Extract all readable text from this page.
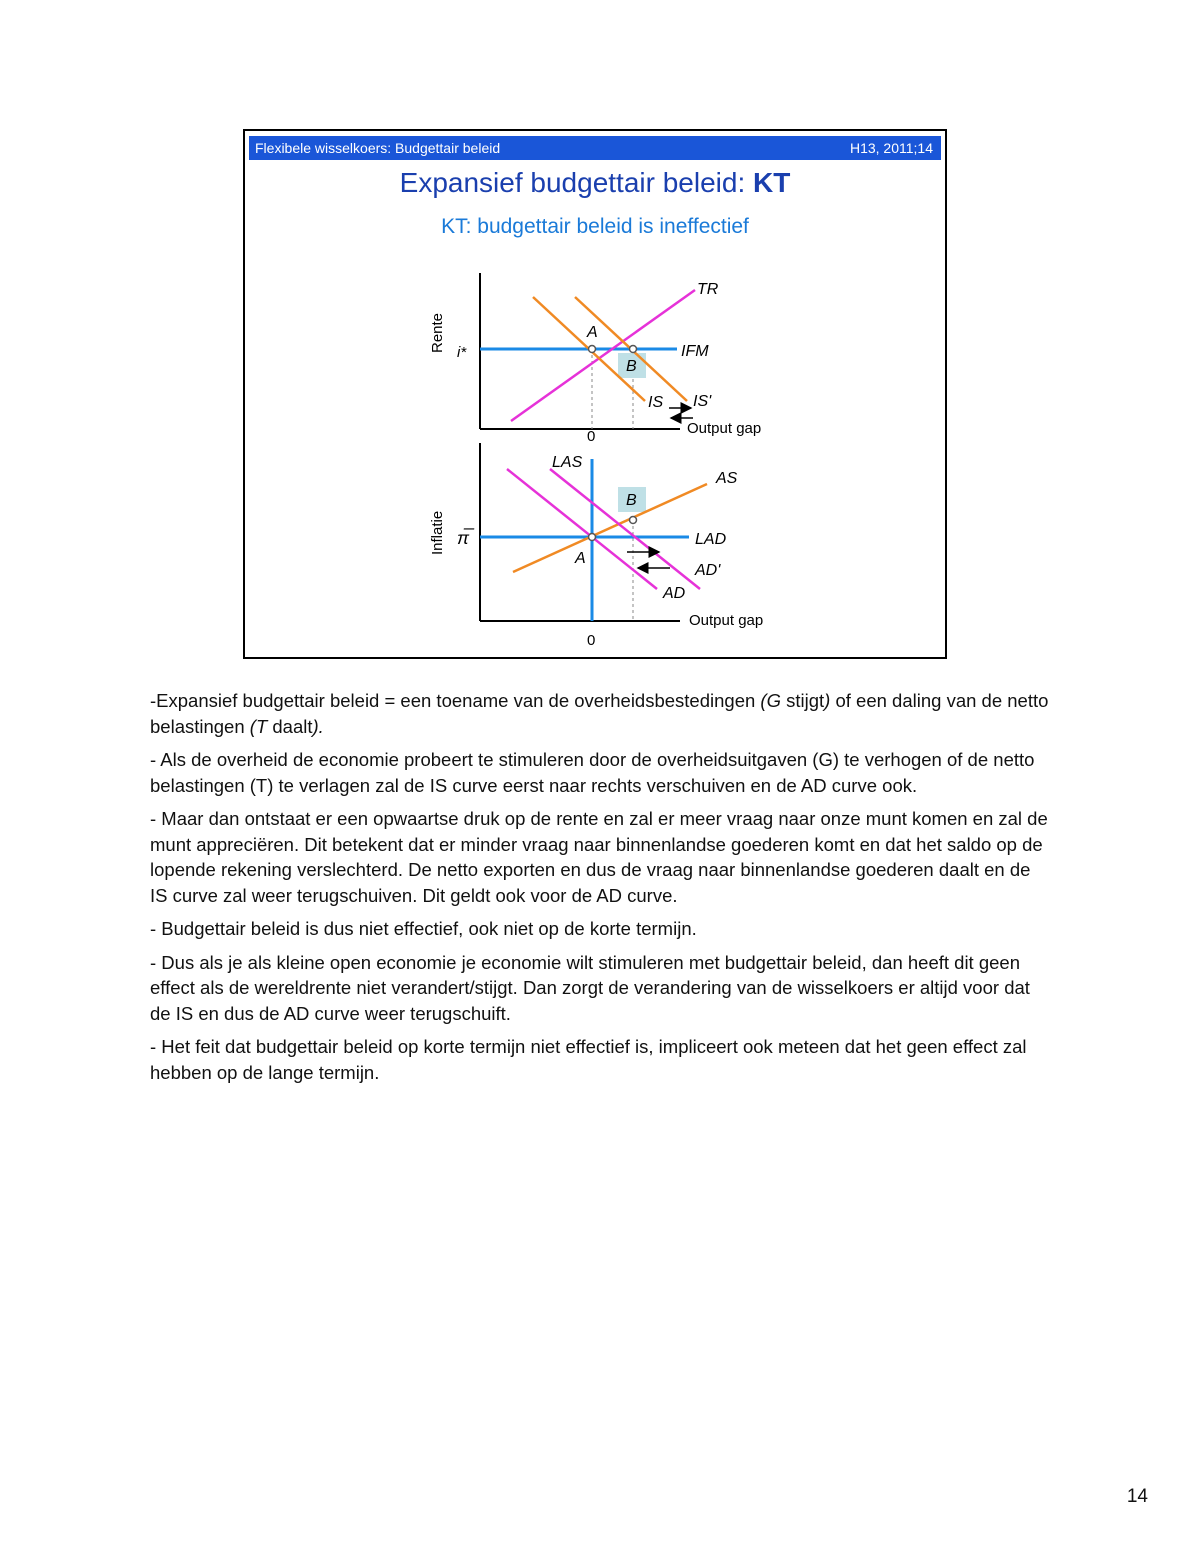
Flexibele wisselkoers: Budgettair beleid	H13, 2011;14
Expansief budgettair beleid: KT
KT: budgettair beleid is ineffectief
Rente i*
0	Output gap
TR
IFM
IS IS'
A
B
Inflatie π̅
0
Output gap
LAS
AS
LAD
AD'
AD
A
B

-Expansief budgettair beleid = een toename van de overheidsbestedingen (G stijgt) of een daling van de netto belastingen (T daalt).

- Als de overheid de economie probeert te stimuleren door de overheidsuitgaven (G) te verhogen of de netto belastingen (T) te verlagen zal de IS curve eerst naar rechts verschuiven en de AD curve ook.

- Maar dan ontstaat er een opwaartse druk op de rente en zal er meer vraag naar onze munt komen en zal de munt appreciëren. Dit betekent dat er minder vraag naar binnenlandse goederen komt en dat het saldo op de lopende rekening verslechterd. De netto exporten en dus de vraag naar binnenlandse goederen daalt en de IS curve zal weer terugschuiven. Dit geldt ook voor de AD curve.

- Budgettair beleid is dus niet effectief, ook niet op de korte termijn.

- Dus als je als kleine open economie je economie wilt stimuleren met budgettair beleid, dan heeft dit geen effect als de wereldrente niet verandert/stijgt. Dan zorgt de verandering van de wisselkoers er altijd voor dat de IS en dus de AD curve weer terugschuift.

- Het feit dat budgettair beleid op korte termijn niet effectief is, impliceert ook meteen dat het geen effect zal hebben op de lange termijn.

14
